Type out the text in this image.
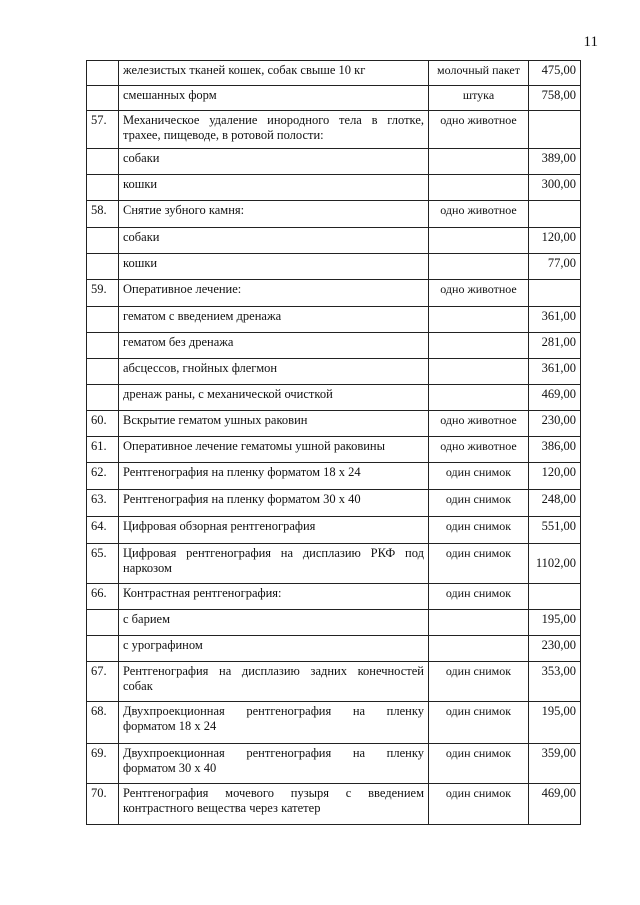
11
	железистых тканей кошек, собак свыше 10 кг	молочный пакет	475,00
	смешанных форм	штука	758,00
57.	Механическое удаление инородного тела в глотке, трахее, пищеводе, в ротовой полости:	одно животное	
	собаки		389,00
	кошки		300,00
58.	Снятие зубного камня:	одно животное	
	собаки		120,00
	кошки		77,00
59.	Оперативное лечение:	одно животное	
	гематом с введением дренажа		361,00
	гематом без дренажа		281,00
	абсцессов, гнойных флегмон		361,00
	дренаж раны, с механической очисткой		469,00
60.	Вскрытие гематом ушных раковин	одно животное	230,00
61.	Оперативное лечение гематомы ушной раковины	одно животное	386,00
62.	Рентгенография на пленку форматом 18 х 24	один снимок	120,00
63.	Рентгенография на пленку форматом 30 х 40	один снимок	248,00
64.	Цифровая обзорная рентгенография	один снимок	551,00
65.	Цифровая рентгенография на дисплазию РКФ под наркозом	один снимок	1102,00
66.	Контрастная рентгенография:	один снимок	
	с барием		195,00
	с урографином		230,00
67.	Рентгенография на дисплазию задних конечностей собак	один снимок	353,00
68.	Двухпроекционная рентгенография на пленку форматом 18 х 24	один снимок	195,00
69.	Двухпроекционная рентгенография на пленку форматом 30 х 40	один снимок	359,00
70.	Рентгенография мочевого пузыря с введением контрастного вещества через катетер	один снимок	469,00
